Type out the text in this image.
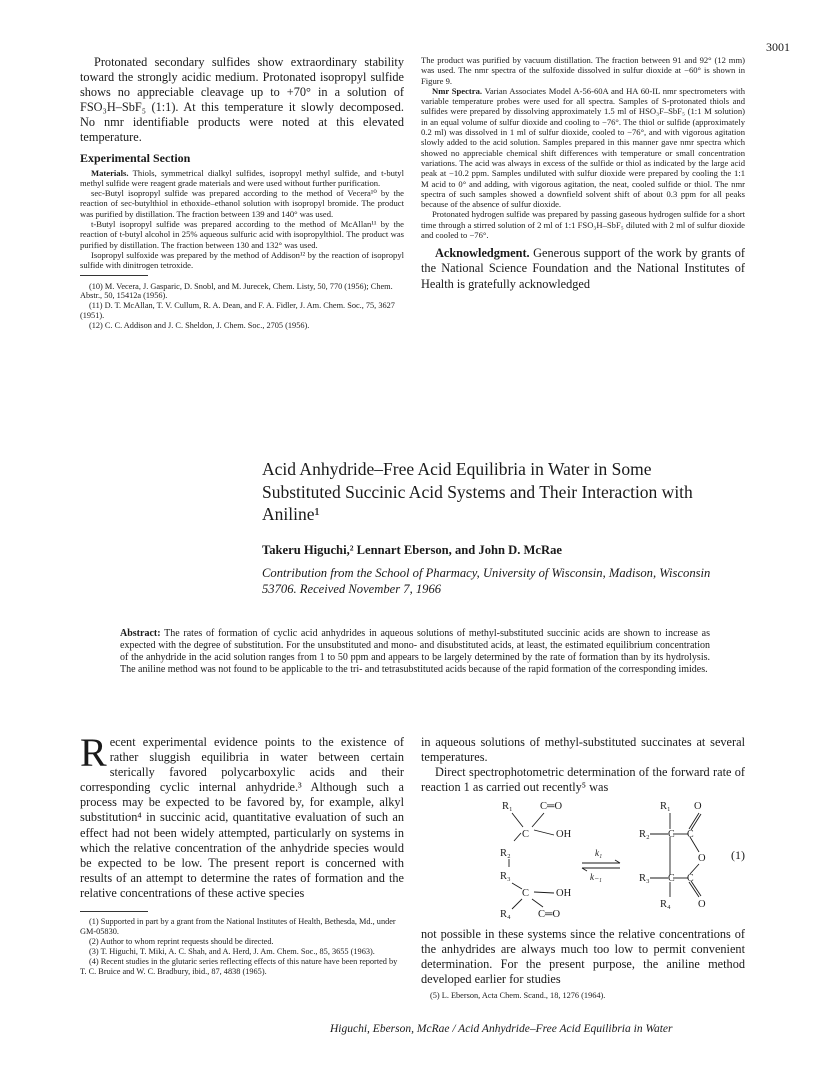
3001

Protonated secondary sulfides show extraordinary stability toward the strongly acidic medium. Protonated isopropyl sulfide shows no appreciable cleavage up to +70° in a solution of FSO₃H–SbF₅ (1:1). At this temperature it slowly decomposed. No nmr identifiable products were noted at this elevated temperature.

Experimental Section

Materials. Thiols, symmetrical dialkyl sulfides, isopropyl methyl sulfide, and t-butyl methyl sulfide were reagent grade materials and were used without further purification.

sec-Butyl isopropyl sulfide was prepared according to the method of Vecera¹⁰ by the reaction of sec-butylthiol in ethoxide–ethanol solution with isopropyl bromide. The product was purified by distillation. The fraction between 139 and 140° was used.

t-Butyl isopropyl sulfide was prepared according to the method of McAllan¹¹ by the reaction of t-butyl alcohol in 25% aqueous sulfuric acid with isopropylthiol. The product was purified by distillation. The fraction between 130 and 132° was used.

Isopropyl sulfoxide was prepared by the method of Addison¹² by the reaction of isopropyl sulfide with dinitrogen tetroxide.

(10) M. Vecera, J. Gasparic, D. Snobl, and M. Jurecek, Chem. Listy, 50, 770 (1956); Chem. Abstr., 50, 15412a (1956).
(11) D. T. McAllan, T. V. Cullum, R. A. Dean, and F. A. Fidler, J. Am. Chem. Soc., 75, 3627 (1951).
(12) C. C. Addison and J. C. Sheldon, J. Chem. Soc., 2705 (1956).

The product was purified by vacuum distillation. The fraction between 91 and 92° (12 mm) was used. The nmr spectra of the sulfoxide dissolved in sulfur dioxide at −60° is shown in Figure 9.

Nmr Spectra. Varian Associates Model A-56-60A and HA 60-IL nmr spectrometers with variable temperature probes were used for all spectra. Samples of S-protonated thiols and sulfides were prepared by dissolving approximately 1.5 ml of HSO₃F–SbF₅ (1:1 M solution) in an equal volume of sulfur dioxide and cooling to −76°. The thiol or sulfide (approximately 0.2 ml) was dissolved in 1 ml of sulfur dioxide, cooled to −76°, and with vigorous agitation slowly added to the acid solution. Samples prepared in this manner gave nmr spectra which showed no appreciable chemical shift differences with temperature or small concentration variations. The acid was always in excess of the sulfide or thiol as indicated by the large acid peak at −10.2 ppm. Samples undiluted with sulfur dioxide were prepared by cooling the 1:1 M acid to 0° and adding, with vigorous agitation, the neat, cooled sulfide or thiol. The nmr spectra of such samples showed a downfield solvent shift of about 0.3 ppm for all peaks because of the absence of sulfur dioxide.

Protonated hydrogen sulfide was prepared by passing gaseous hydrogen sulfide for a short time through a stirred solution of 2 ml of 1:1 FSO₃H–SbF₅ diluted with 2 ml of sulfur dioxide and cooled to −76°.

Acknowledgment. Generous support of the work by grants of the National Science Foundation and the National Institutes of Health is gratefully acknowledged

Acid Anhydride–Free Acid Equilibria in Water in Some Substituted Succinic Acid Systems and Their Interaction with Aniline¹
Takeru Higuchi,² Lennart Eberson, and John D. McRae
Contribution from the School of Pharmacy, University of Wisconsin, Madison, Wisconsin 53706. Received November 7, 1966
Abstract: The rates of formation of cyclic acid anhydrides in aqueous solutions of methyl-substituted succinic acids are shown to increase as expected with the degree of substitution. For the unsubstituted and mono- and disubstituted acids, at least, the estimated equilibrium concentration of the anhydride in the acid solution ranges from 1 to 50 ppm and appears to be largely determined by the rate of formation than by its hydrolysis. The aniline method was not found to be applicable to the tri- and tetrasubstituted acids because of the rapid formation of the corresponding imides.

Recent experimental evidence points to the existence of rather sluggish equilibria in water between certain sterically favored polycarboxylic acids and their corresponding cyclic internal anhydride.³ Although such a process may be expected to be favored by, for example, alkyl substitution⁴ in succinic acid, quantitative evaluation of such an effect had not been widely attempted, particularly on systems in which the relative concentration of the anhydride species would be expected to be low. The present report is concerned with results of an attempt to determine the rates of formation and the relative concentrations of these active species

(1) Supported in part by a grant from the National Institutes of Health, Bethesda, Md., under GM-05830.
(2) Author to whom reprint requests should be directed.
(3) T. Higuchi, T. Miki, A. C. Shah, and A. Herd, J. Am. Chem. Soc., 85, 3655 (1963).
(4) Recent studies in the glutaric series reflecting effects of this nature have been reported by T. C. Bruice and W. C. Bradbury, ibid., 87, 4838 (1965).

in aqueous solutions of methyl-substituted succinates at several temperatures.

Direct spectrophotometric determination of the forward rate of reaction 1 as carried out recently⁵ was

R₁	C═O
C	OH
R₂
R₃
C	OH
R₄	C═O
k₁
k₋₁
R₁ O
R₂
O
R₃
R₄	O
C C
C C
(1)

not possible in these systems since the relative concentrations of the anhydrides are always much too low to permit convenient determination. For the present purpose, the aniline method developed earlier for studies

(5) L. Eberson, Acta Chem. Scand., 18, 1276 (1964).
Higuchi, Eberson, McRae / Acid Anhydride–Free Acid Equilibria in Water
